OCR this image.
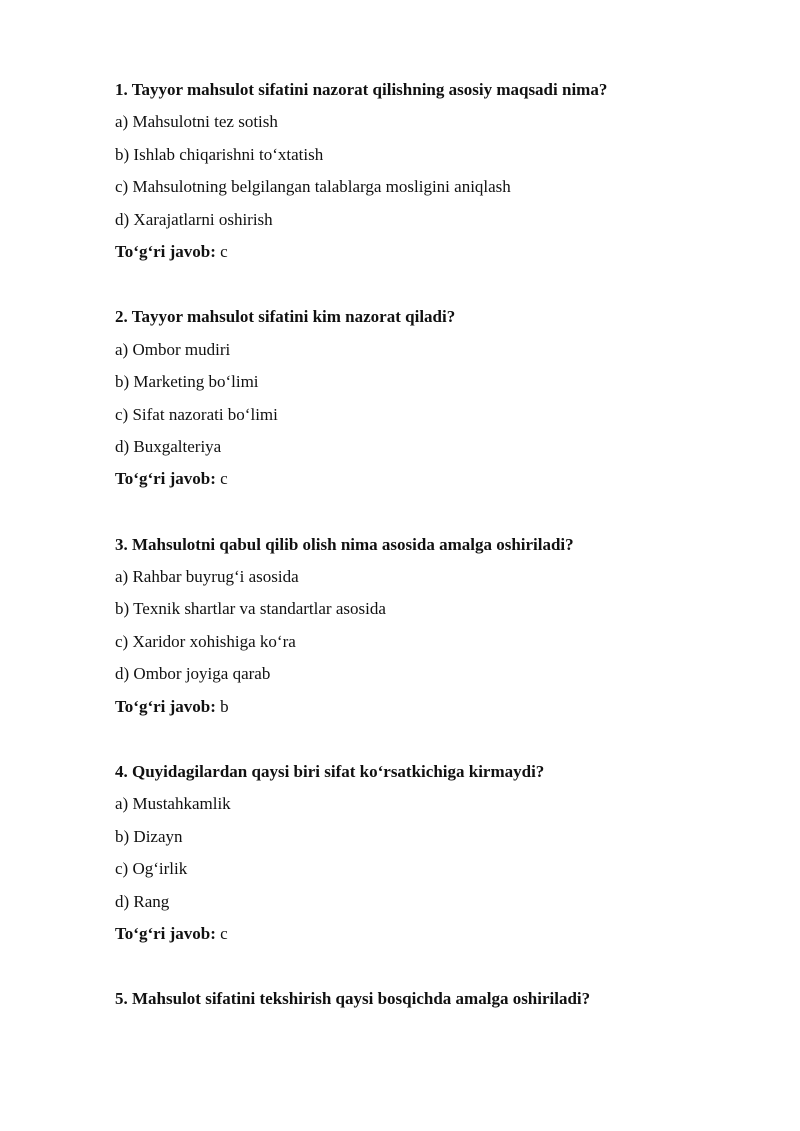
1. Tayyor mahsulot sifatini nazorat qilishning asosiy maqsadi nima?
a) Mahsulotni tez sotish
b) Ishlab chiqarishni to‘xtatish
c) Mahsulotning belgilangan talablarga mosligini aniqlash
d) Xarajatlarni oshirish
To‘g‘ri javob: c
2. Tayyor mahsulot sifatini kim nazorat qiladi?
a) Ombor mudiri
b) Marketing bo‘limi
c) Sifat nazorati bo‘limi
d) Buxgalteriya
To‘g‘ri javob: c
3. Mahsulotni qabul qilib olish nima asosida amalga oshiriladi?
a) Rahbar buyrug‘i asosida
b) Texnik shartlar va standartlar asosida
c) Xaridor xohishiga ko‘ra
d) Ombor joyiga qarab
To‘g‘ri javob: b
4. Quyidagilardan qaysi biri sifat ko‘rsatkichiga kirmaydi?
a) Mustahkamlik
b) Dizayn
c) Og‘irlik
d) Rang
To‘g‘ri javob: c
5. Mahsulot sifatini tekshirish qaysi bosqichda amalga oshiriladi?
